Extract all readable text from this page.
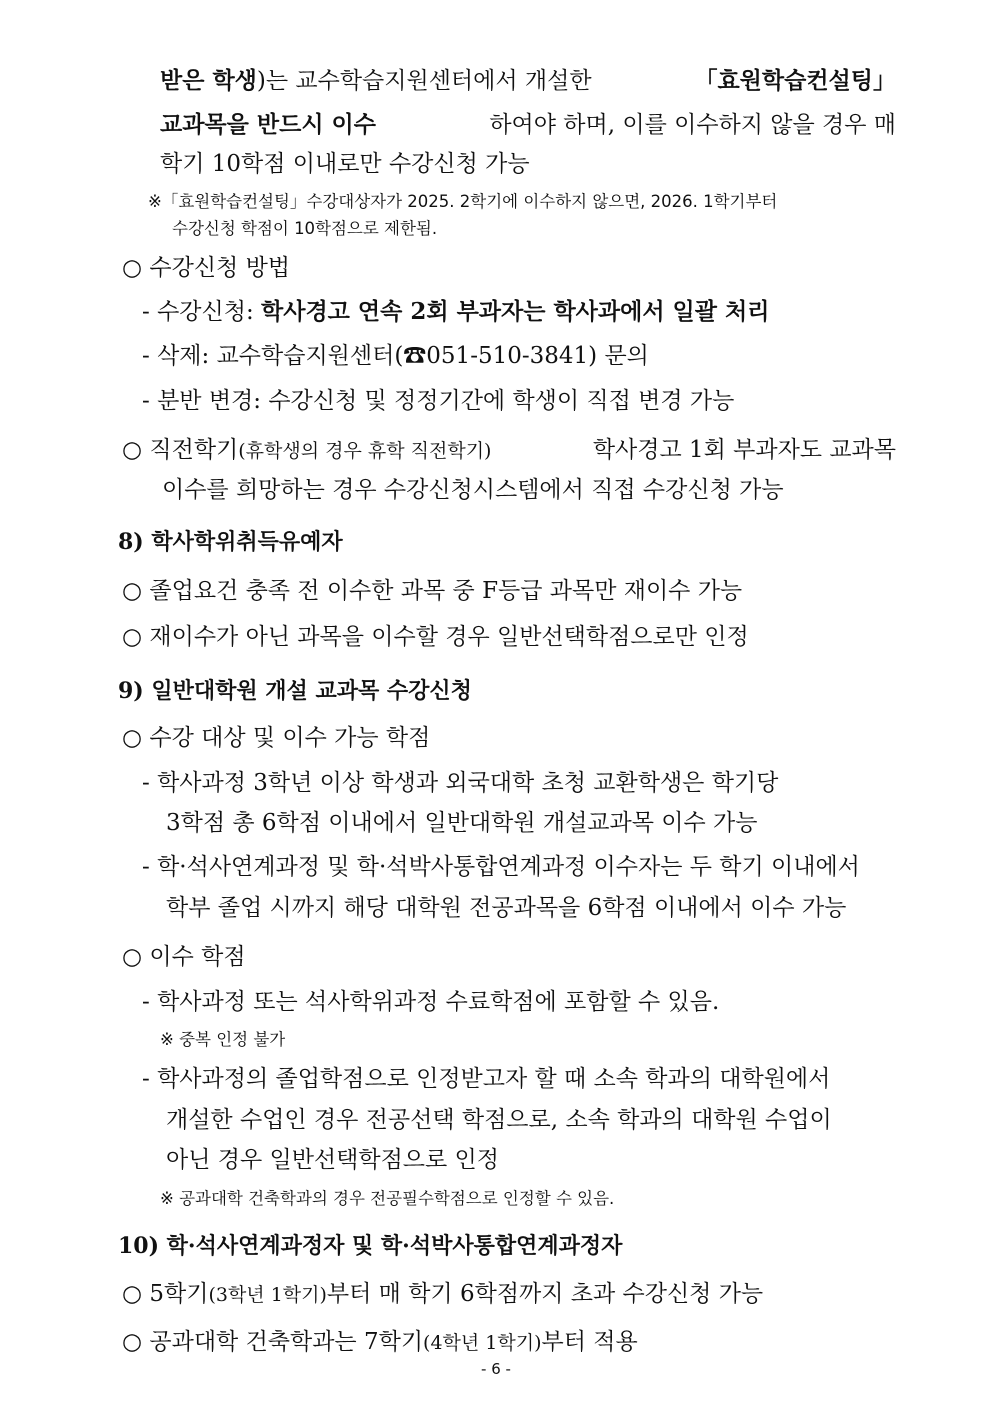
받은 학생)는 교수학습지원센터에서 개설한	「효원학습컨설팅」
교과목을 반드시 이수	하여야 하며, 이를 이수하지 않을 경우 매
학기 10학점 이내로만 수강신청 가능
※「효원학습컨설팅」수강대상자가 2025. 2학기에 이수하지 않으면, 2026. 1학기부터
수강신청 학점이 10학점으로 제한됨.
○ 수강신청 방법
- 수강신청: 학사경고 연속 2회 부과자는 학사과에서 일괄 처리
- 삭제: 교수학습지원센터(☎051-510-3841) 문의
- 분반 변경: 수강신청 및 정정기간에 학생이 직접 변경 가능
○ 직전학기(휴학생의 경우 휴학 직전학기)	학사경고 1회 부과자도 교과목
이수를 희망하는 경우 수강신청시스템에서 직접 수강신청 가능
8) 학사학위취득유예자
○ 졸업요건 충족 전 이수한 과목 중 F등급 과목만 재이수 가능
○ 재이수가 아닌 과목을 이수할 경우 일반선택학점으로만 인정
9) 일반대학원 개설 교과목 수강신청
○ 수강 대상 및 이수 가능 학점
- 학사과정 3학년 이상 학생과 외국대학 초청 교환학생은 학기당
3학점 총 6학점 이내에서 일반대학원 개설교과목 이수 가능
- 학·석사연계과정 및 학·석박사통합연계과정 이수자는 두 학기 이내에서
학부 졸업 시까지 해당 대학원 전공과목을 6학점 이내에서 이수 가능
○ 이수 학점
- 학사과정 또는 석사학위과정 수료학점에 포함할 수 있음.
※ 중복 인정 불가
- 학사과정의 졸업학점으로 인정받고자 할 때 소속 학과의 대학원에서
개설한 수업인 경우 전공선택 학점으로, 소속 학과의 대학원 수업이
아닌 경우 일반선택학점으로 인정
※ 공과대학 건축학과의 경우 전공필수학점으로 인정할 수 있음.
10) 학·석사연계과정자 및 학·석박사통합연계과정자
○ 5학기(3학년 1학기)부터 매 학기 6학점까지 초과 수강신청 가능
○ 공과대학 건축학과는 7학기(4학년 1학기)부터 적용
- 6 -
